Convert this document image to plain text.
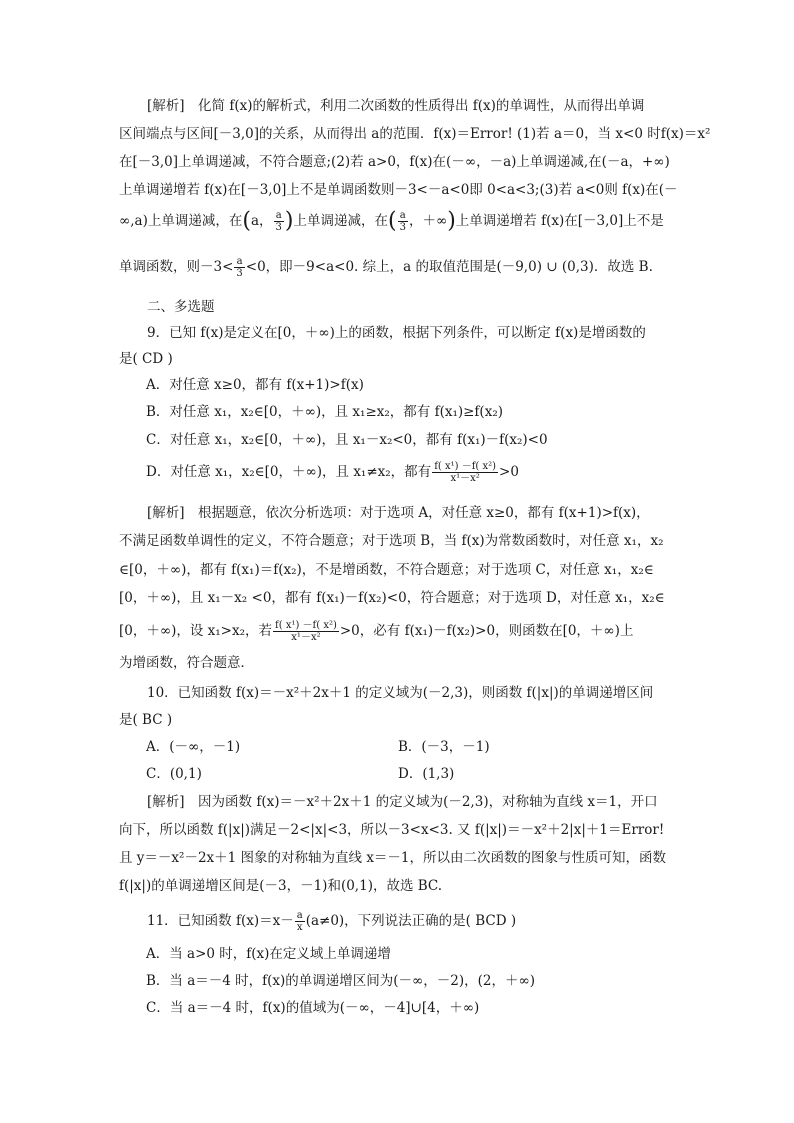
[解析]　化简 f(x)的解析式，利用二次函数的性质得出 f(x)的单调性，从而得出单调
区间端点与区间[－3,0]的关系，从而得出 a的范围．f(x)＝Error! (1)若 a＝0，当 x<0 时f(x)＝x²
在[－3,0]上单调递减，不符合题意;(2)若 a>0，f(x)在(－∞，－a)上单调递减,在(－a，+∞)
上单调递增若 f(x)在[－3,0]上不是单调函数则－3<－a<0即 0<a<3;(3)若 a<0则 f(x)在(－
∞,a)上单调递减，在(a， $\frac{a}{3}$ )上单调递减，在( $\frac{a}{3}$ ，＋∞)上单调递增若 f(x)在[－3,0]上不是
单调函数，则$-3< \frac{a}{3} <0$，即－9<a<0. 综上，a 的取值范围是(－9,0) ∪ (0,3)．故选 B.
二、多选题
9．已知 f(x)是定义在[0，＋∞)上的函数，根据下列条件，可以断定 f(x)是增函数的
是( CD )
A．对任意 x≥0，都有 f(x+1)>f(x)
B．对任意 x₁，x₂∈[0，＋∞)，且 x₁≥x₂，都有 f(x₁)≥f(x₂)
C．对任意 x₁，x₂∈[0，＋∞)，且 x₁－x₂<0，都有 f(x₁)－f(x₂)<0
D．对任意 x₁，x₂∈[0，＋∞)，且 x₁≠x₂，都有 $\frac{\text{f( x¹) －f( x²)}}{\text{x¹－x²}} >0$
[解析]　根据题意，依次分析选项：对于选项 A，对任意 x≥0，都有 f(x+1)>f(x)，
不满足函数单调性的定义，不符合题意；对于选项 B，当 f(x)为常数函数时，对任意 x₁，x₂
∈[0，＋∞)，都有 f(x₁)＝f(x₂)，不是增函数，不符合题意；对于选项 C，对任意 x₁，x₂∈
[0，＋∞)，且 x₁－x₂ <0，都有 f(x₁)－f(x₂)<0，符合题意；对于选项 D，对任意 x₁，x₂∈
[0，＋∞)，设 x₁>x₂，若 $\frac{\text{f( x¹) －f( x²)}}{\text{x¹－x²}} >0$，必有 f(x₁)－f(x₂)>0，则函数在[0，＋∞)上
为增函数，符合题意．
10．已知函数 f(x)＝－x²＋2x＋1 的定义域为(－2,3)，则函数 f(|x|)的单调递增区间
是( BC )
A．(－∞，－1)	B．(－3，－1)
C．(0,1)	D．(1,3)
[解析]　因为函数 f(x)＝－x²＋2x＋1 的定义域为(－2,3)，对称轴为直线 x＝1，开口
向下，所以函数 f(|x|)满足－2<|x|<3，所以－3<x<3. 又 f(|x|)＝－x²＋2|x|＋1＝Error!
且 y＝－x²－2x＋1 图象的对称轴为直线 x＝－1，所以由二次函数的图象与性质可知，函数
f(|x|)的单调递增区间是(－3，－1)和(0,1)，故选 BC.
11．已知函数 $f(x)=x- \frac{a}{x} (a\ne 0)$，下列说法正确的是( BCD )
A．当 a>0 时，f(x)在定义域上单调递增
B．当 a＝－4 时，f(x)的单调递增区间为(－∞，－2)，(2，＋∞)
C．当 a＝－4 时，f(x)的值域为(－∞，－4]∪[4，＋∞)
